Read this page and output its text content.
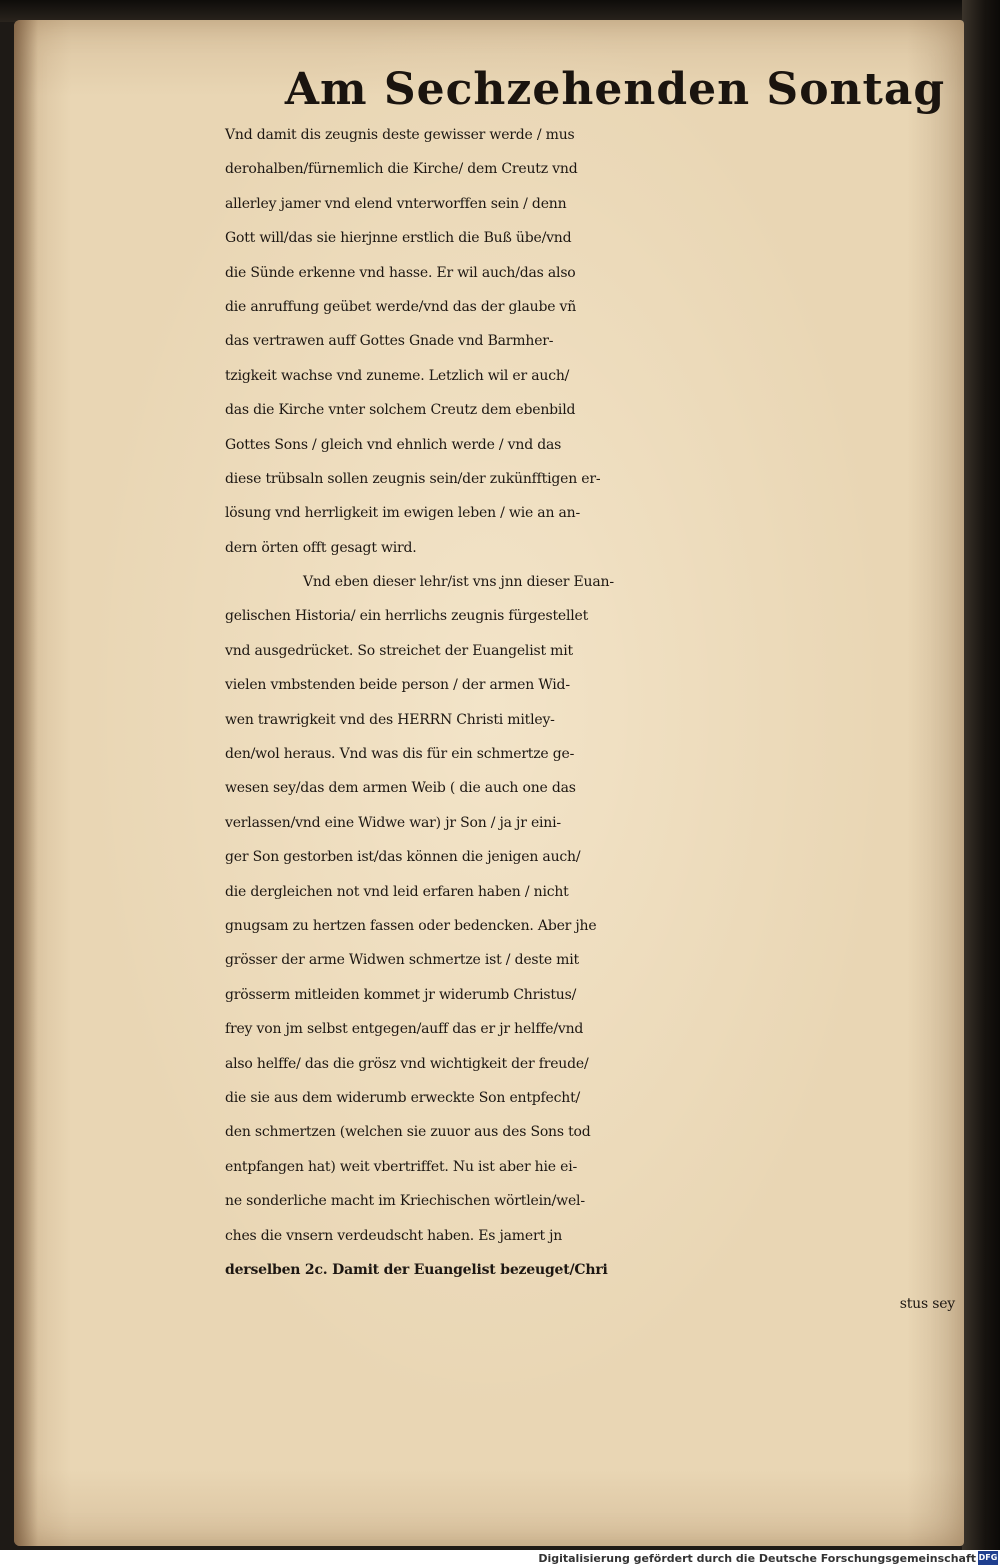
Am Sechzehenden Sontag
Vnd damit dis zeugnis deste gewisser werde / mus
derohalben/fürnemlich die Kirche/ dem Creutz vnd
allerley jamer vnd elend vnterworffen sein / denn
Gott will/das sie hierjnne erstlich die Buß übe/vnd
die Sünde erkenne vnd hasse. Er wil auch/das also
die anruffung geübet werde/vnd das der glaube vñ
das vertrawen auff Gottes Gnade vnd Barmher-
tzigkeit wachse vnd zuneme. Letzlich wil er auch/
das die Kirche vnter solchem Creutz dem ebenbild
Gottes Sons / gleich vnd ehnlich werde / vnd das
diese trübsaln sollen zeugnis sein/der zukünfftigen er-
lösung vnd herrligkeit im ewigen leben / wie an an-
dern örten offt gesagt wird.
Vnd eben dieser lehr/ist vns jnn dieser Euan-
gelischen Historia/ ein herrlichs zeugnis fürgestellet
vnd ausgedrücket. So streichet der Euangelist mit
vielen vmbstenden beide person / der armen Wid-
wen trawrigkeit vnd des HERRN Christi mitley-
den/wol heraus. Vnd was dis für ein schmertze ge-
wesen sey/das dem armen Weib ( die auch one das
verlassen/vnd eine Widwe war) jr Son / ja jr eini-
ger Son gestorben ist/das können die jenigen auch/
die dergleichen not vnd leid erfaren haben / nicht
gnugsam zu hertzen fassen oder bedencken. Aber jhe
grösser der arme Widwen schmertze ist / deste mit
grösserm mitleiden kommet jr widerumb Christus/
frey von jm selbst entgegen/auff das er jr helffe/vnd
also helffe/ das die grösz vnd wichtigkeit der freude/
die sie aus dem widerumb erweckte Son entpfecht/
den schmertzen (welchen sie zuuor aus des Sons tod
entpfangen hat) weit vbertriffet. Nu ist aber hie ei-
ne sonderliche macht im Kriechischen wörtlein/wel-
ches die vnsern verdeudscht haben. Es jamert jn
derselben 2c. Damit der Euangelist bezeuget/Chri
stus sey
Digitalisierung gefördert durch die Deutsche Forschungsgemeinschaft DFG
